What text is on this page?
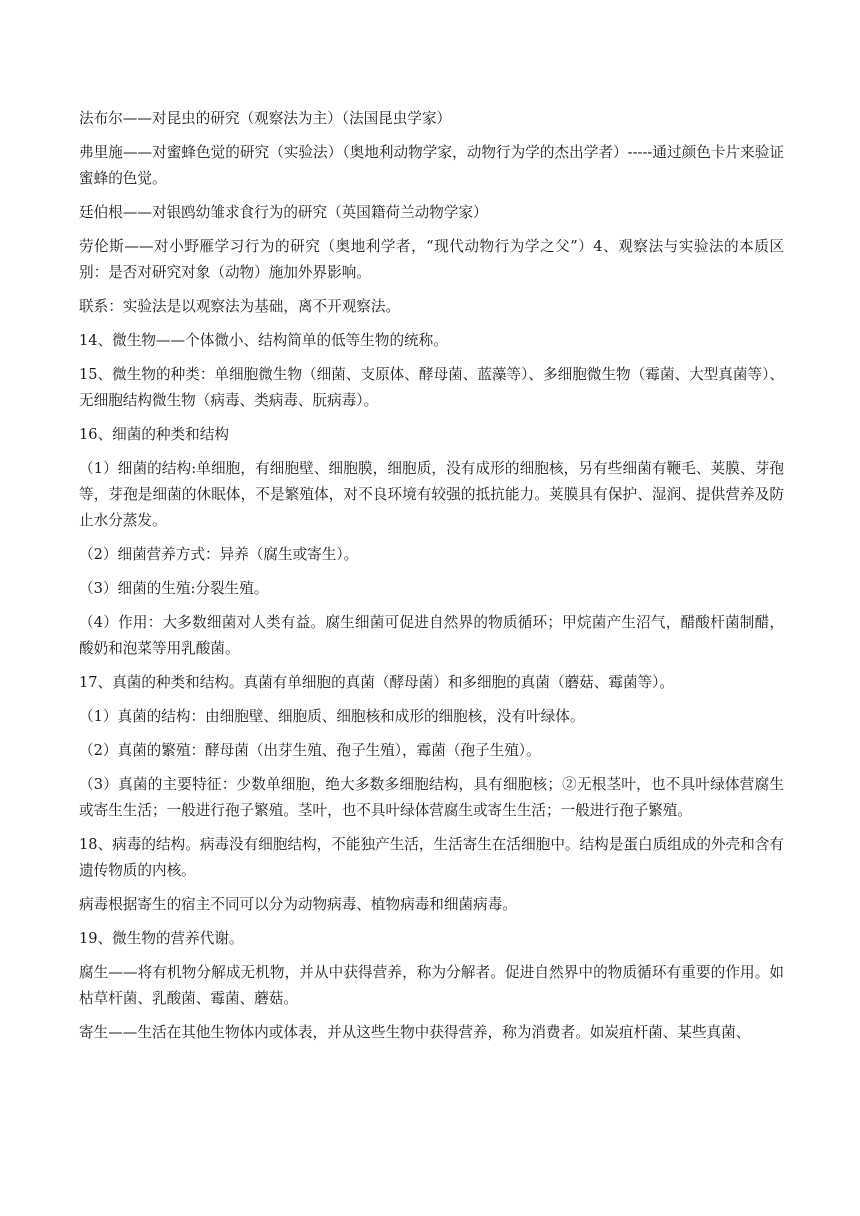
法布尔——对昆虫的研究（观察法为主）（法国昆虫学家）

弗里施——对蜜蜂色觉的研究（实验法）（奥地利动物学家，动物行为学的杰出学者）-----通过颜色卡片来验证蜜蜂的色觉。

廷伯根——对银鸥幼雏求食行为的研究（英国籍荷兰动物学家）

劳伦斯——对小野雁学习行为的研究（奥地利学者，“现代动物行为学之父”）4、观察法与实验法的本质区别：是否对研究对象（动物）施加外界影响。

联系：实验法是以观察法为基础，离不开观察法。

14、微生物——个体微小、结构简单的低等生物的统称。

15、微生物的种类：单细胞微生物（细菌、支原体、酵母菌、蓝藻等）、多细胞微生物（霉菌、大型真菌等）、无细胞结构微生物（病毒、类病毒、朊病毒）。

16、细菌的种类和结构

（1）细菌的结构:单细胞，有细胞壁、细胞膜，细胞质，没有成形的细胞核，另有些细菌有鞭毛、荚膜、芽孢等，芽孢是细菌的休眠体，不是繁殖体，对不良环境有较强的抵抗能力。荚膜具有保护、湿润、提供营养及防止水分蒸发。

（2）细菌营养方式：异养（腐生或寄生）。

（3）细菌的生殖:分裂生殖。

（4）作用：大多数细菌对人类有益。腐生细菌可促进自然界的物质循环；甲烷菌产生沼气，醋酸杆菌制醋，酸奶和泡菜等用乳酸菌。

17、真菌的种类和结构。真菌有单细胞的真菌（酵母菌）和多细胞的真菌（蘑菇、霉菌等）。

（1）真菌的结构：由细胞壁、细胞质、细胞核和成形的细胞核，没有叶绿体。

（2）真菌的繁殖：酵母菌（出芽生殖、孢子生殖），霉菌（孢子生殖）。

（3）真菌的主要特征：少数单细胞，绝大多数多细胞结构，具有细胞核；②无根茎叶，也不具叶绿体营腐生或寄生生活；一般进行孢子繁殖。茎叶，也不具叶绿体营腐生或寄生生活；一般进行孢子繁殖。

18、病毒的结构。病毒没有细胞结构，不能独产生活，生活寄生在活细胞中。结构是蛋白质组成的外壳和含有遗传物质的内核。

病毒根据寄生的宿主不同可以分为动物病毒、植物病毒和细菌病毒。

19、微生物的营养代谢。

腐生——将有机物分解成无机物，并从中获得营养，称为分解者。促进自然界中的物质循环有重要的作用。如枯草杆菌、乳酸菌、霉菌、蘑菇。

寄生——生活在其他生物体内或体表，并从这些生物中获得营养，称为消费者。如炭疽杆菌、某些真菌、
